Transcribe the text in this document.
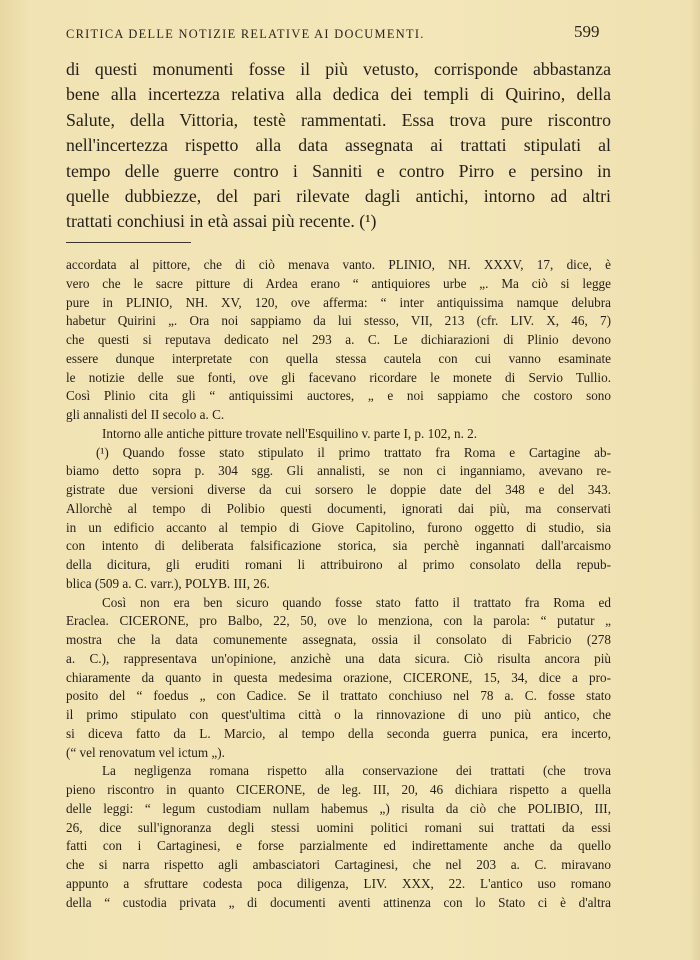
CRITICA DELLE NOTIZIE RELATIVE AI DOCUMENTI.	599
di questi monumenti fosse il più vetusto, corrisponde abbastanza
bene alla incertezza relativa alla dedica dei templi di Quirino, della
Salute, della Vittoria, testè rammentati. Essa trova pure riscontro
nell'incertezza rispetto alla data assegnata ai trattati stipulati al
tempo delle guerre contro i Sanniti e contro Pirro e persino in
quelle dubbiezze, del pari rilevate dagli antichi, intorno ad altri
trattati conchiusi in età assai più recente. (¹)
accordata al pittore, che di ciò menava vanto. PLINIO, NH. XXXV, 17, dice, è
vero che le sacre pitture di Ardea erano “ antiquiores urbe „. Ma ciò si legge
pure in PLINIO, NH. XV, 120, ove afferma: “ inter antiquissima namque delubra
habetur Quirini „. Ora noi sappiamo da lui stesso, VII, 213 (cfr. LIV. X, 46, 7)
che questi si reputava dedicato nel 293 a. C. Le dichiarazioni di Plinio devono
essere dunque interpretate con quella stessa cautela con cui vanno esaminate
le notizie delle sue fonti, ove gli facevano ricordare le monete di Servio Tullio.
Così Plinio cita gli “ antiquissimi auctores, „ e noi sappiamo che costoro sono
gli annalisti del II secolo a. C.
Intorno alle antiche pitture trovate nell'Esquilino v. parte I, p. 102, n. 2.
(¹) Quando fosse stato stipulato il primo trattato fra Roma e Cartagine ab-
biamo detto sopra p. 304 sgg. Gli annalisti, se non ci inganniamo, avevano re-
gistrate due versioni diverse da cui sorsero le doppie date del 348 e del 343.
Allorchè al tempo di Polibio questi documenti, ignorati dai più, ma conservati
in un edificio accanto al tempio di Giove Capitolino, furono oggetto di studio, sia
con intento di deliberata falsificazione storica, sia perchè ingannati dall'arcaismo
della dicitura, gli eruditi romani li attribuirono al primo consolato della repub-
blica (509 a. C. varr.), POLYB. III, 26.
Così non era ben sicuro quando fosse stato fatto il trattato fra Roma ed
Eraclea. CICERONE, pro Balbo, 22, 50, ove lo menziona, con la parola: “ putatur „
mostra che la data comunemente assegnata, ossia il consolato di Fabricio (278
a. C.), rappresentava un'opinione, anzichè una data sicura. Ciò risulta ancora più
chiaramente da quanto in questa medesima orazione, CICERONE, 15, 34, dice a pro-
posito del “ foedus „ con Cadice. Se il trattato conchiuso nel 78 a. C. fosse stato
il primo stipulato con quest'ultima città o la rinnovazione di uno più antico, che
si diceva fatto da L. Marcio, al tempo della seconda guerra punica, era incerto,
(“ vel renovatum vel ictum „).
La negligenza romana rispetto alla conservazione dei trattati (che trova
pieno riscontro in quanto CICERONE, de leg. III, 20, 46 dichiara rispetto a quella
delle leggi: “ legum custodiam nullam habemus „) risulta da ciò che POLIBIO, III,
26, dice sull'ignoranza degli stessi uomini politici romani sui trattati da essi
fatti con i Cartaginesi, e forse parzialmente ed indirettamente anche da quello
che si narra rispetto agli ambasciatori Cartaginesi, che nel 203 a. C. miravano
appunto a sfruttare codesta poca diligenza, LIV. XXX, 22. L'antico uso romano
della “ custodia privata „ di documenti aventi attinenza con lo Stato ci è d'altra
